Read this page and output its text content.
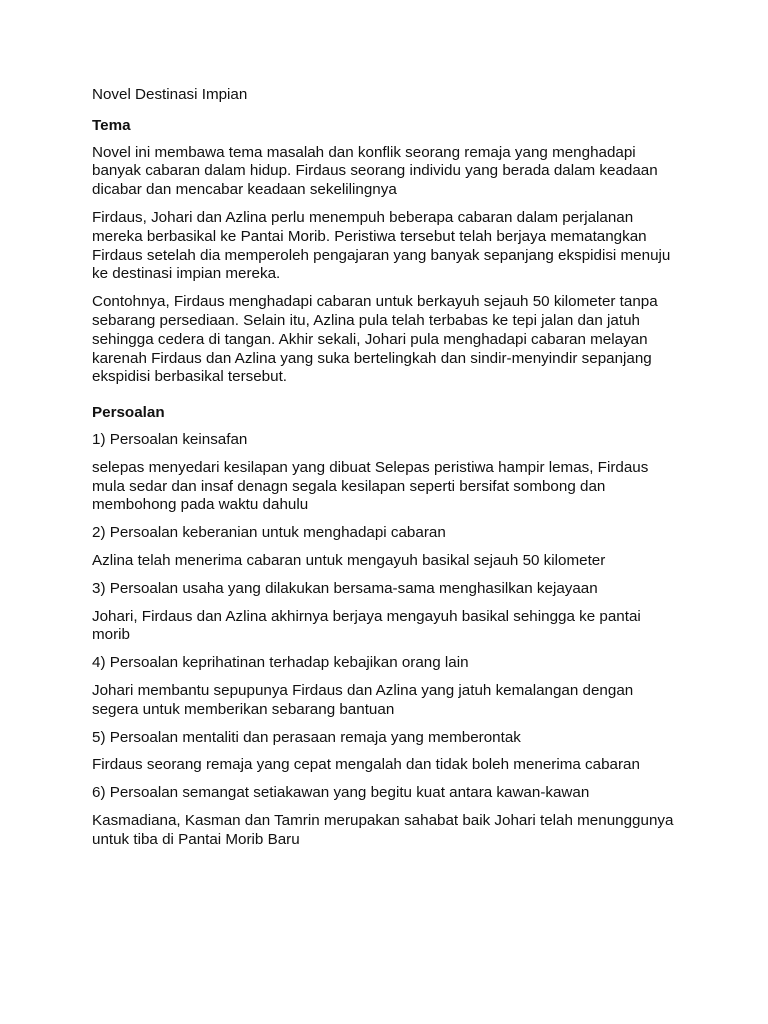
Novel Destinasi Impian
Tema
Novel ini membawa tema masalah dan konflik seorang remaja yang menghadapi banyak cabaran dalam hidup. Firdaus seorang individu yang berada dalam keadaan dicabar dan mencabar keadaan sekelilingnya
Firdaus, Johari dan Azlina perlu menempuh beberapa cabaran dalam perjalanan mereka berbasikal ke Pantai Morib. Peristiwa tersebut telah berjaya mematangkan Firdaus setelah dia memperoleh pengajaran yang banyak sepanjang ekspidisi menuju ke destinasi impian mereka.
Contohnya, Firdaus menghadapi cabaran untuk berkayuh sejauh 50 kilometer tanpa sebarang persediaan. Selain itu, Azlina pula telah terbabas ke tepi jalan dan jatuh sehingga cedera di tangan. Akhir sekali, Johari pula menghadapi cabaran melayan karenah Firdaus dan Azlina yang suka bertelingkah dan sindir-menyindir sepanjang ekspidisi berbasikal tersebut.
Persoalan
1) Persoalan keinsafan
selepas menyedari kesilapan yang dibuat Selepas peristiwa hampir lemas, Firdaus mula sedar dan insaf denagn segala kesilapan seperti bersifat sombong dan membohong pada waktu dahulu
2) Persoalan keberanian untuk menghadapi cabaran
Azlina telah menerima cabaran untuk mengayuh basikal sejauh 50 kilometer
3) Persoalan usaha yang dilakukan bersama-sama menghasilkan kejayaan
Johari, Firdaus dan Azlina akhirnya berjaya mengayuh basikal sehingga ke pantai morib
4) Persoalan keprihatinan terhadap kebajikan orang lain
Johari membantu sepupunya Firdaus dan Azlina yang jatuh kemalangan dengan segera untuk memberikan sebarang bantuan
5) Persoalan mentaliti dan perasaan remaja yang memberontak
Firdaus seorang remaja yang cepat mengalah dan tidak boleh menerima cabaran
6) Persoalan semangat setiakawan yang begitu kuat antara kawan-kawan
Kasmadiana, Kasman dan Tamrin merupakan sahabat baik Johari telah menunggunya untuk tiba di Pantai Morib Baru
